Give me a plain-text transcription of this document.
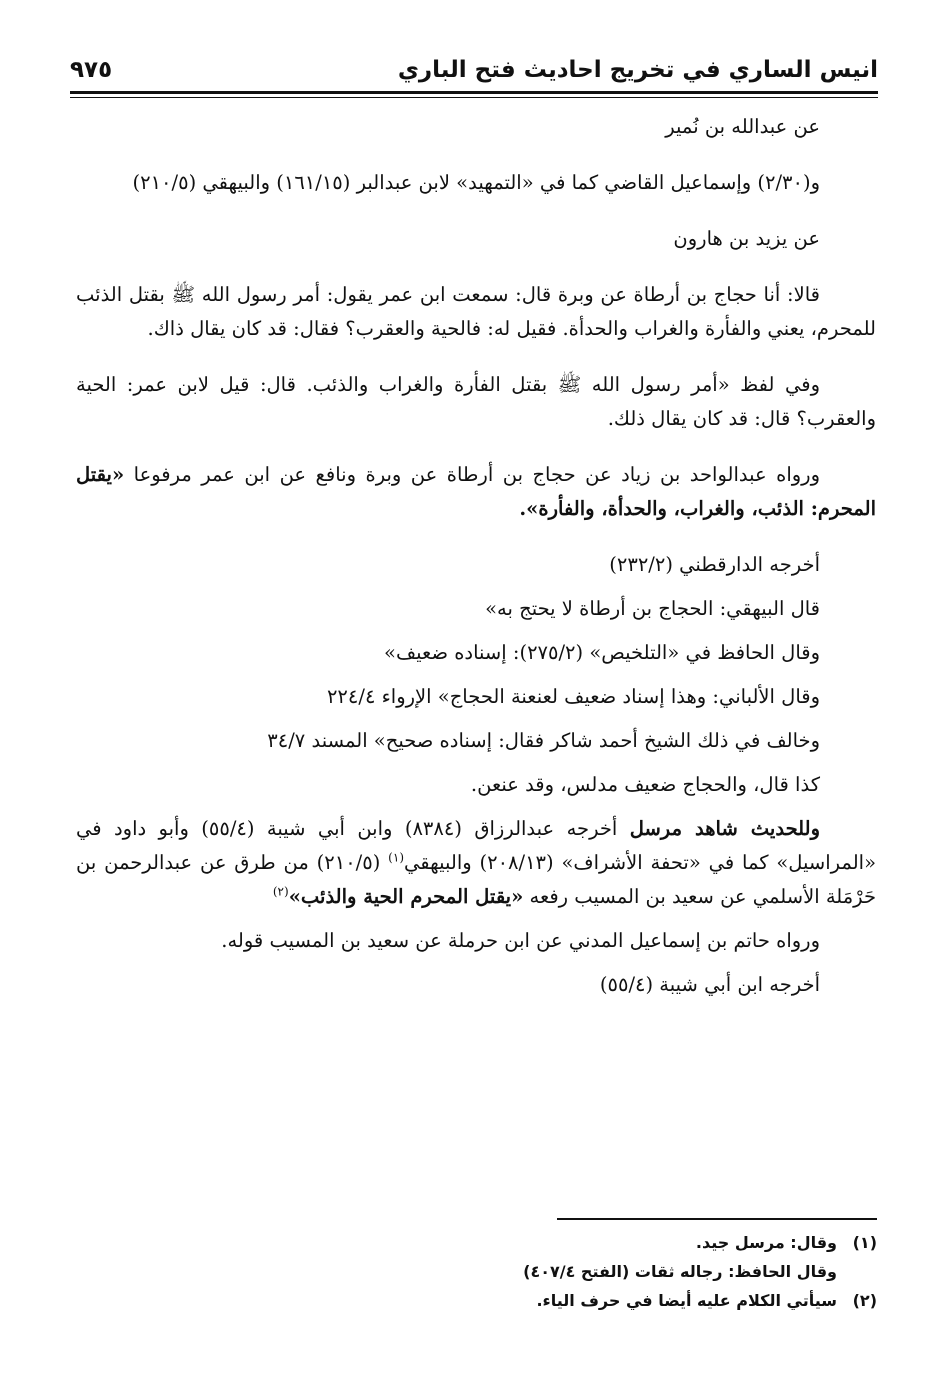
انيس الساري في تخريج احاديث فتح الباري
٩٧٥

عن عبدالله بن نُمير

و(٢/٣٠) وإسماعيل القاضي كما في «التمهيد» لابن عبدالبر (١٦١/١٥) والبيهقي (٢١٠/٥)

عن يزيد بن هارون

قالا: أنا حجاج بن أرطاة عن وبرة قال: سمعت ابن عمر يقول: أمر رسول الله ﷺ بقتل الذئب للمحرم، يعني والفأرة والغراب والحدأة. فقيل له: فالحية والعقرب؟ فقال: قد كان يقال ذاك.

وفي لفظ «أمر رسول الله ﷺ بقتل الفأرة والغراب والذئب. قال: قيل لابن عمر: الحية والعقرب؟ قال: قد كان يقال ذلك.

ورواه عبدالواحد بن زياد عن حجاج بن أرطاة عن وبرة ونافع عن ابن عمر مرفوعا «يقتل المحرم: الذئب، والغراب، والحدأة، والفأرة».

أخرجه الدارقطني (٢٣٢/٢)

قال البيهقي: الحجاج بن أرطاة لا يحتج به»

وقال الحافظ في «التلخيص» (٢٧٥/٢): إسناده ضعيف»

وقال الألباني: وهذا إسناد ضعيف لعنعنة الحجاج» الإرواء ٢٢٤/٤

وخالف في ذلك الشيخ أحمد شاكر فقال: إسناده صحيح» المسند ٣٤/٧

كذا قال، والحجاج ضعيف مدلس، وقد عنعن.

وللحديث شاهد مرسل أخرجه عبدالرزاق (٨٣٨٤) وابن أبي شيبة (٥٥/٤) وأبو داود في «المراسيل» كما في «تحفة الأشراف» (٢٠٨/١٣) والبيهقي$^{(١)}$ (٢١٠/٥) من طرق عن عبدالرحمن بن حَرْمَلة الأسلمي عن سعيد بن المسيب رفعه «يقتل المحرم الحية والذئب»$^{(٢)}$

ورواه حاتم بن إسماعيل المدني عن ابن حرملة عن سعيد بن المسيب قوله.

أخرجه ابن أبي شيبة (٥٥/٤)

(١)
وقال: مرسل جيد.
وقال الحافظ: رجاله ثقات (الفتح ٤٠٧/٤)
(٢)
سيأتي الكلام عليه أيضا في حرف الياء.
